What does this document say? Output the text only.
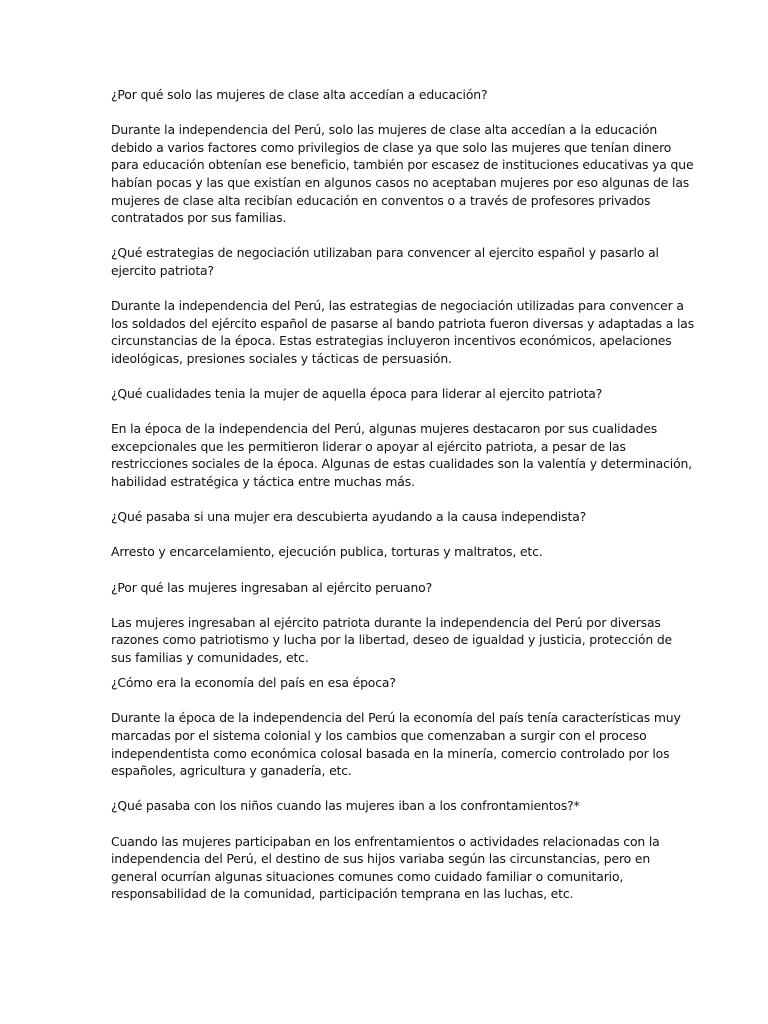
¿Por qué solo las mujeres de clase alta accedían a educación?

Durante la independencia del Perú, solo las mujeres de clase alta accedían a la educación
debido a varios factores como privilegios de clase ya que solo las mujeres que tenían dinero
para educación obtenían ese beneficio, también por escasez de instituciones educativas ya que
habían pocas y las que existían en algunos casos no aceptaban mujeres por eso algunas de las
mujeres de clase alta recibían educación en conventos o a través de profesores privados
contratados por sus familias.

¿Qué estrategias de negociación utilizaban para convencer al ejercito español y pasarlo al
ejercito patriota?

Durante la independencia del Perú, las estrategias de negociación utilizadas para convencer a
los soldados del ejército español de pasarse al bando patriota fueron diversas y adaptadas a las
circunstancias de la época. Estas estrategias incluyeron incentivos económicos, apelaciones
ideológicas, presiones sociales y tácticas de persuasión.

¿Qué cualidades tenia la mujer de aquella época para liderar al ejercito patriota?

En la época de la independencia del Perú, algunas mujeres destacaron por sus cualidades
excepcionales que les permitieron liderar o apoyar al ejército patriota, a pesar de las
restricciones sociales de la época. Algunas de estas cualidades son la valentía y determinación,
habilidad estratégica y táctica entre muchas más.

¿Qué pasaba si una mujer era descubierta ayudando a la causa independista?

Arresto y encarcelamiento, ejecución publica, torturas y maltratos, etc.

¿Por qué las mujeres ingresaban al ejército peruano?

Las mujeres ingresaban al ejército patriota durante la independencia del Perú por diversas
razones como patriotismo y lucha por la libertad, deseo de igualdad y justicia, protección de
sus familias y comunidades, etc.

¿Cómo era la economía del país en esa época?

Durante la época de la independencia del Perú la economía del país tenía características muy
marcadas por el sistema colonial y los cambios que comenzaban a surgir con el proceso
independentista como económica colosal basada en la minería, comercio controlado por los
españoles, agricultura y ganadería, etc.

¿Qué pasaba con los niños cuando las mujeres iban a los confrontamientos?*

Cuando las mujeres participaban en los enfrentamientos o actividades relacionadas con la
independencia del Perú, el destino de sus hijos variaba según las circunstancias, pero en
general ocurrían algunas situaciones comunes como cuidado familiar o comunitario,
responsabilidad de la comunidad, participación temprana en las luchas, etc.
